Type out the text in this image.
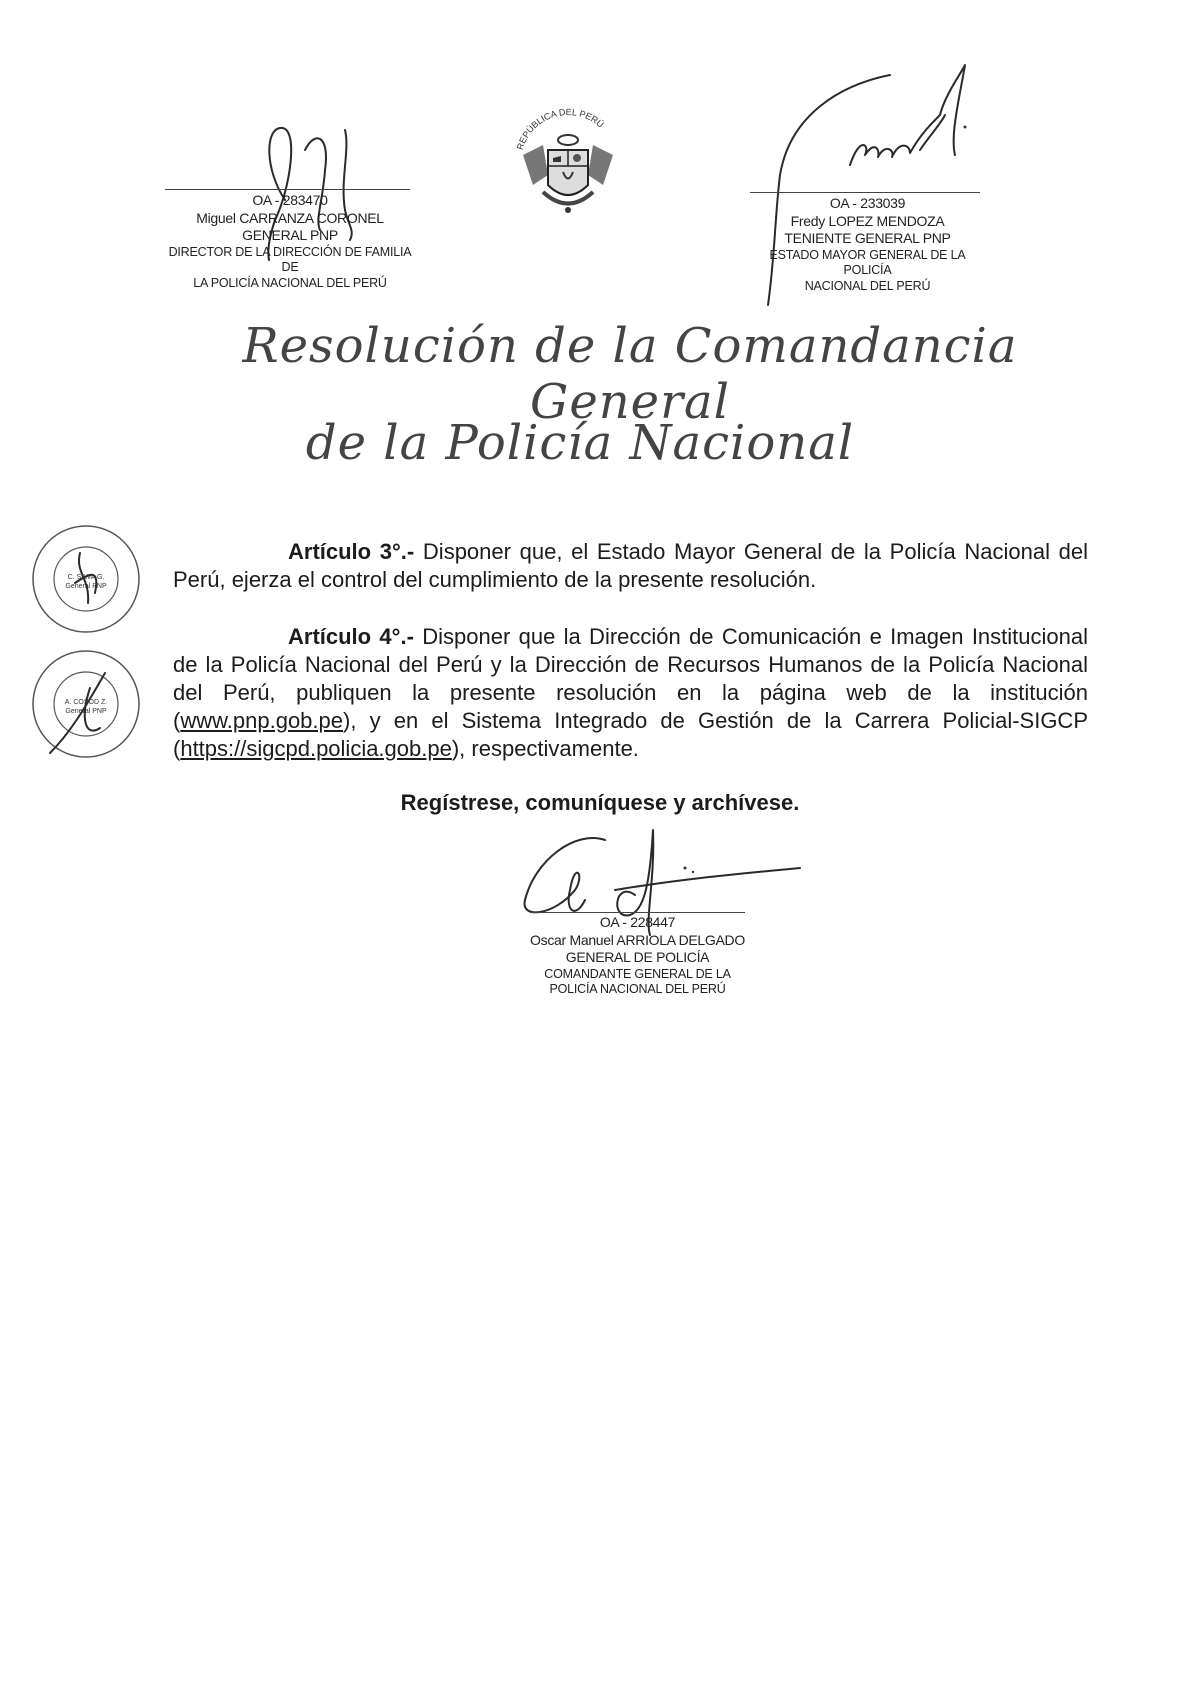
OA - 283470
Miguel CARRANZA CORONEL
GENERAL PNP
DIRECTOR DE LA DIRECCIÓN DE FAMILIA DE
LA POLICÍA NACIONAL DEL PERÚ
REPÚBLICA DEL PERÚ
OA - 233039
Fredy LOPEZ MENDOZA
TENIENTE GENERAL PNP
ESTADO MAYOR GENERAL DE LA POLICÍA
NACIONAL DEL PERÚ
Resolución de la Comandancia General
de la Policía Nacional
C. SILVA G.
General PNP
A. COSOD Z.
General PNP
Artículo 3°.- Disponer que, el Estado Mayor General de la Policía Nacional del Perú, ejerza el control del cumplimiento de la presente resolución.
Artículo 4°.- Disponer que la Dirección de Comunicación e Imagen Institucional de la Policía Nacional del Perú y la Dirección de Recursos Humanos de la Policía Nacional del Perú, publiquen la presente resolución en la página web de la institución (www.pnp.gob.pe), y en el Sistema Integrado de Gestión de la Carrera Policial-SIGCP (https://sigcpd.policia.gob.pe), respectivamente.
Regístrese, comuníquese y archívese.
OA - 228447
Oscar Manuel ARRIOLA DELGADO
GENERAL DE POLICÍA
COMANDANTE GENERAL DE LA
POLICÍA NACIONAL DEL PERÚ
